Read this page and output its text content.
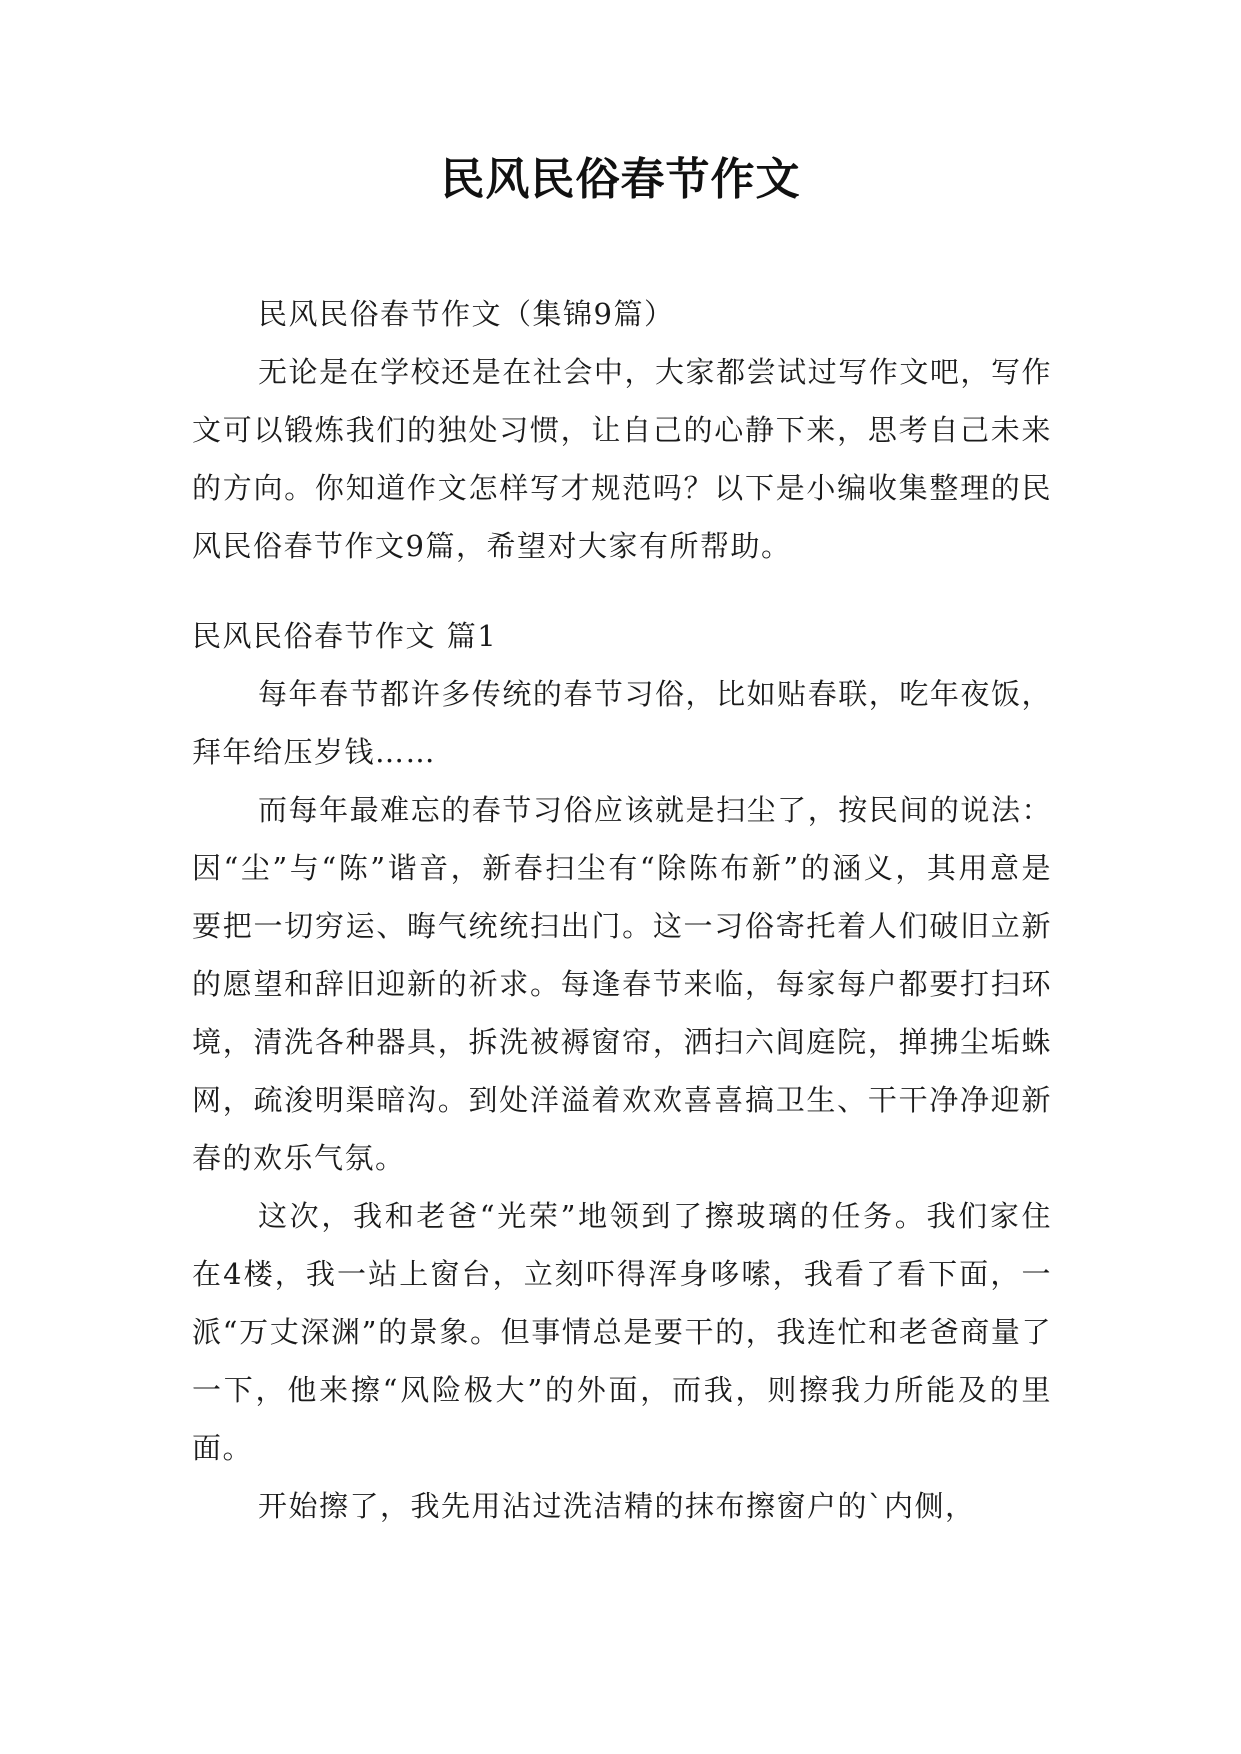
民风民俗春节作文

民风民俗春节作文（集锦9篇）

无论是在学校还是在社会中，大家都尝试过写作文吧，写作文可以锻炼我们的独处习惯，让自己的心静下来，思考自己未来的方向。你知道作文怎样写才规范吗？以下是小编收集整理的民风民俗春节作文9篇，希望对大家有所帮助。

民风民俗春节作文 篇1

每年春节都许多传统的春节习俗，比如贴春联，吃年夜饭，拜年给压岁钱……

而每年最难忘的春节习俗应该就是扫尘了，按民间的说法：因“尘”与“陈”谐音，新春扫尘有“除陈布新”的涵义，其用意是要把一切穷运、晦气统统扫出门。这一习俗寄托着人们破旧立新的愿望和辞旧迎新的祈求。每逢春节来临，每家每户都要打扫环境，清洗各种器具，拆洗被褥窗帘，洒扫六闾庭院，掸拂尘垢蛛网，疏浚明渠暗沟。到处洋溢着欢欢喜喜搞卫生、干干净净迎新春的欢乐气氛。

这次，我和老爸“光荣”地领到了擦玻璃的任务。我们家住在4楼，我一站上窗台，立刻吓得浑身哆嗦，我看了看下面，一派“万丈深渊”的景象。但事情总是要干的，我连忙和老爸商量了一下，他来擦“风险极大”的外面，而我，则擦我力所能及的里面。

开始擦了，我先用沾过洗洁精的抹布擦窗户的`内侧，
